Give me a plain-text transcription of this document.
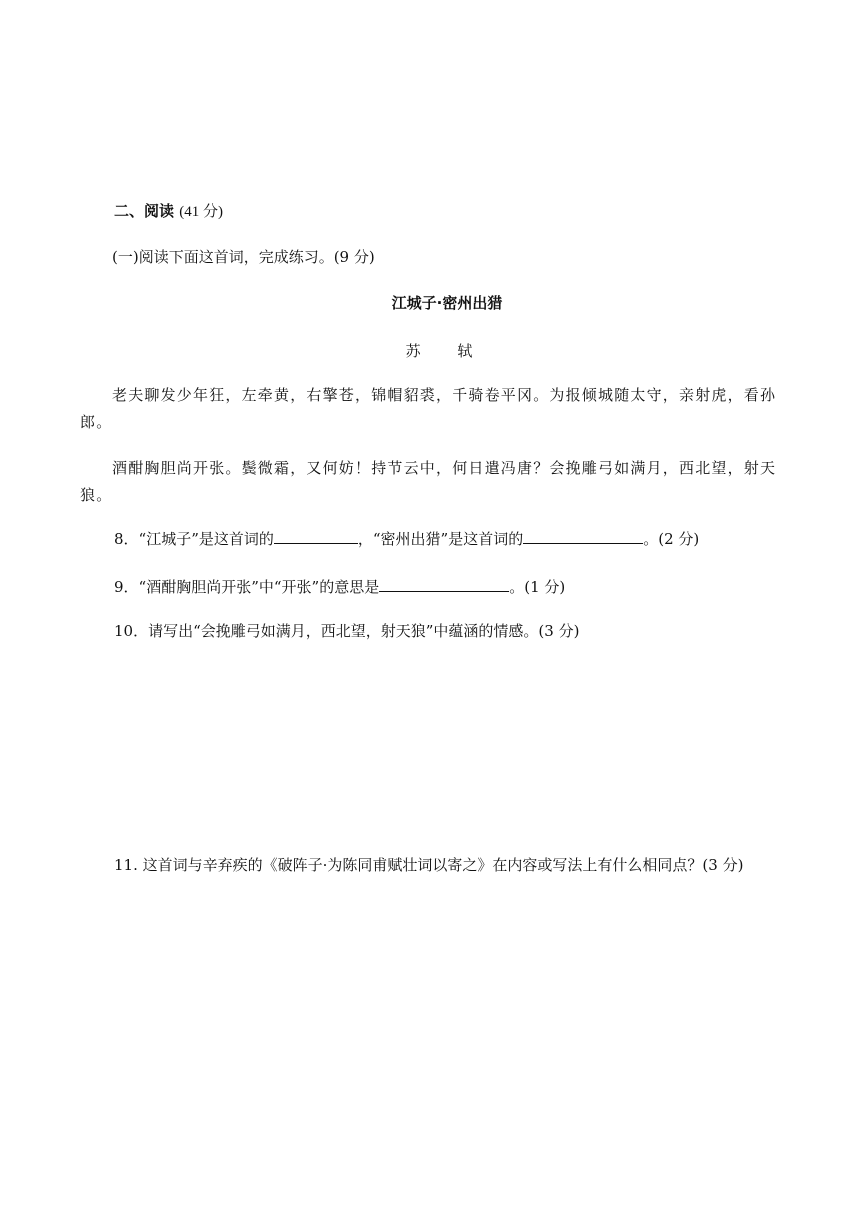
二、阅读 (41 分)
(一)阅读下面这首词，完成练习。(9 分)
江城子·密州出猎
苏 轼
老夫聊发少年狂，左牵黄，右擎苍，锦帽貂裘，千骑卷平冈。为报倾城随太守，亲射虎，看孙郎。
酒酣胸胆尚开张。鬓微霜，又何妨！持节云中，何日遣冯唐？会挽雕弓如满月，西北望，射天狼。
8．“江城子”是这首词的	，“密州出猎”是这首词的	。(2 分)
9．“酒酣胸胆尚开张”中“开张”的意思是	。(1 分)
10．请写出“会挽雕弓如满月，西北望，射天狼”中蕴涵的情感。(3 分)
11. 这首词与辛弃疾的《破阵子·为陈同甫赋壮词以寄之》在内容或写法上有什么相同点？(3 分)
